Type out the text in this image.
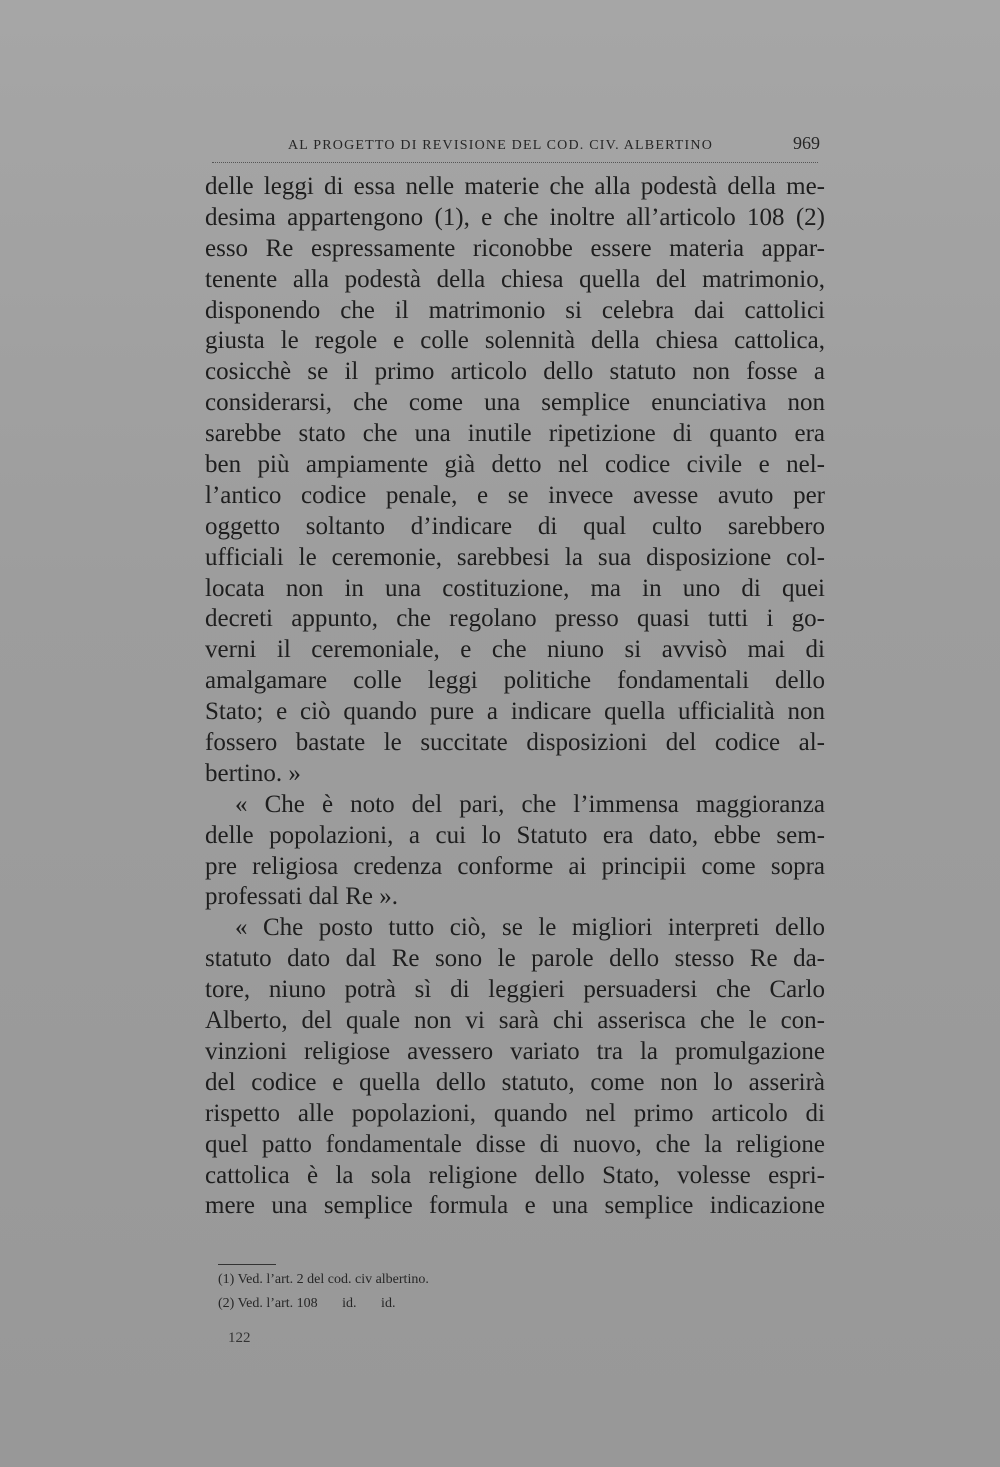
AL PROGETTO DI REVISIONE DEL COD. CIV. ALBERTINO	969
delle leggi di essa nelle materie che alla podestà della me-
desima appartengono (1), e che inoltre all’articolo 108 (2)
esso Re espressamente riconobbe essere materia appar-
tenente alla podestà della chiesa quella del matrimonio,
disponendo che il matrimonio si celebra dai cattolici
giusta le regole e colle solennità della chiesa cattolica,
cosicchè se il primo articolo dello statuto non fosse a
considerarsi, che come una semplice enunciativa non
sarebbe stato che una inutile ripetizione di quanto era
ben più ampiamente già detto nel codice civile e nel-
l’antico codice penale, e se invece avesse avuto per
oggetto soltanto d’indicare di qual culto sarebbero
ufficiali le ceremonie, sarebbesi la sua disposizione col-
locata non in una costituzione, ma in uno di quei
decreti appunto, che regolano presso quasi tutti i go-
verni il ceremoniale, e che niuno si avvisò mai di
amalgamare colle leggi politiche fondamentali dello
Stato; e ciò quando pure a indicare quella ufficialità non
fossero bastate le succitate disposizioni del codice al-
bertino. »
« Che è noto del pari, che l’immensa maggioranza
delle popolazioni, a cui lo Statuto era dato, ebbe sem-
pre religiosa credenza conforme ai principii come sopra
professati dal Re ».
« Che posto tutto ciò, se le migliori interpreti dello
statuto dato dal Re sono le parole dello stesso Re da-
tore, niuno potrà sì di leggieri persuadersi che Carlo
Alberto, del quale non vi sarà chi asserisca che le con-
vinzioni religiose avessero variato tra la promulgazione
del codice e quella dello statuto, come non lo asserirà
rispetto alle popolazioni, quando nel primo articolo di
quel patto fondamentale disse di nuovo, che la religione
cattolica è la sola religione dello Stato, volesse espri-
mere una semplice formula e una semplice indicazione
(1) Ved. l’art. 2 del cod. civ albertino.
(2) Ved. l’art. 108       id.       id.
122
